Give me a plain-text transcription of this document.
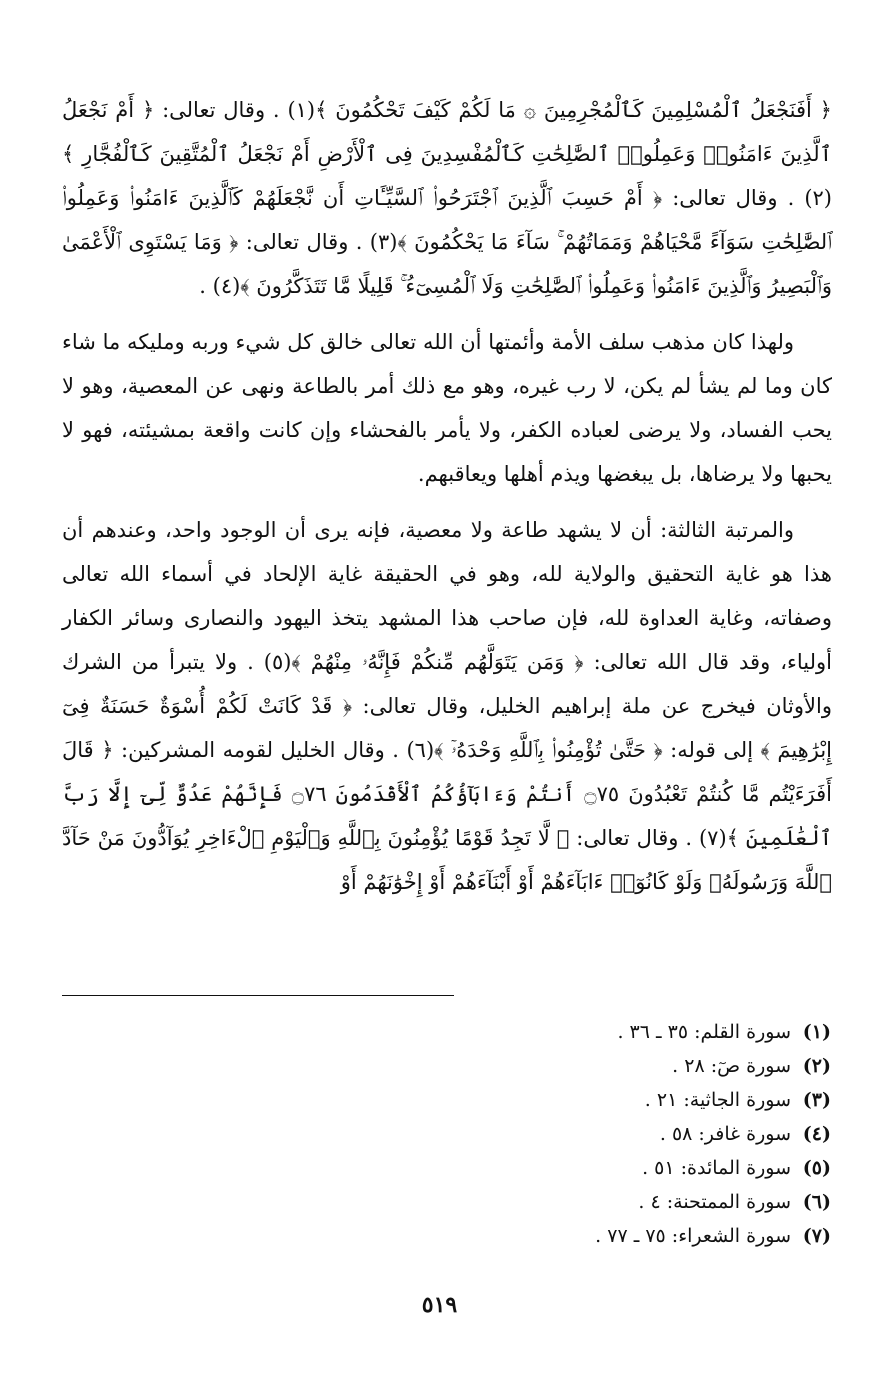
﴿ أَفَنَجْعَلُ ٱلْمُسْلِمِينَ كَٱلْمُجْرِمِينَ ۞ مَا لَكُمْ كَيْفَ تَحْكُمُونَ ﴾(١) . وقال تعالى: ﴿ أَمْ نَجْعَلُ ٱلَّذِينَ ءَامَنُوا۟ وَعَمِلُوا۟ ٱلصَّٰلِحَٰتِ كَٱلْمُفْسِدِينَ فِى ٱلْأَرْضِ أَمْ نَجْعَلُ ٱلْمُتَّقِينَ كَٱلْفُجَّارِ ﴾(٢) . وقال تعالى: ﴿ أَمْ حَسِبَ ٱلَّذِينَ ٱجْتَرَحُوا۟ ٱلسَّيِّـَٔاتِ أَن نَّجْعَلَهُمْ كَٱلَّذِينَ ءَامَنُوا۟ وَعَمِلُوا۟ ٱلصَّٰلِحَٰتِ سَوَآءً مَّحْيَاهُمْ وَمَمَاتُهُمْ ۚ سَآءَ مَا يَحْكُمُونَ ﴾(٣) . وقال تعالى: ﴿ وَمَا يَسْتَوِى ٱلْأَعْمَىٰ وَٱلْبَصِيرُ وَٱلَّذِينَ ءَامَنُوا۟ وَعَمِلُوا۟ ٱلصَّٰلِحَٰتِ وَلَا ٱلْمُسِىٓءُ ۚ قَلِيلًا مَّا تَتَذَكَّرُونَ ﴾(٤) .

ولهذا كان مذهب سلف الأمة وأئمتها أن الله تعالى خالق كل شيء وربه ومليكه ما شاء كان وما لم يشأ لم يكن، لا رب غيره، وهو مع ذلك أمر بالطاعة ونهى عن المعصية، وهو لا يحب الفساد، ولا يرضى لعباده الكفر، ولا يأمر بالفحشاء وإن كانت واقعة بمشيئته، فهو لا يحبها ولا يرضاها، بل يبغضها ويذم أهلها ويعاقبهم.

والمرتبة الثالثة: أن لا يشهد طاعة ولا معصية، فإنه يرى أن الوجود واحد، وعندهم أن هذا هو غاية التحقيق والولاية لله، وهو في الحقيقة غاية الإلحاد في أسماء الله تعالى وصفاته، وغاية العداوة لله، فإن صاحب هذا المشهد يتخذ اليهود والنصارى وسائر الكفار أولياء، وقد قال الله تعالى: ﴿ وَمَن يَتَوَلَّهُم مِّنكُمْ فَإِنَّهُۥ مِنْهُمْ ﴾(٥) . ولا يتبرأ من الشرك والأوثان فيخرج عن ملة إبراهيم الخليل، وقال تعالى: ﴿ قَدْ كَانَتْ لَكُمْ أُسْوَةٌ حَسَنَةٌ فِىٓ إِبْرَٰهِيمَ ﴾ إلى قوله: ﴿ حَتَّىٰ تُؤْمِنُوا۟ بِٱللَّهِ وَحْدَهُۥٓ ﴾(٦) . وقال الخليل لقومه المشركين: ﴿ قَالَ أَفَرَءَيْتُم مَّا كُنتُمْ تَعْبُدُونَ ۝٧٥ أَنتُمْ وَءَابَآؤُكُمُ ٱلْأَقْدَمُونَ ۝٧٦ فَإِنَّهُمْ عَدُوٌّ لِّىٓ إِلَّا رَبَّ ٱلْعَٰلَمِينَ ﴾(٧) . وقال تعالى: ﴿ لَّا تَجِدُ قَوْمًا يُؤْمِنُونَ بِٱللَّهِ وَٱلْيَوْمِ ٱلْءَاخِرِ يُوَآدُّونَ مَنْ حَآدَّ ٱللَّهَ وَرَسُولَهُۥ وَلَوْ كَانُوٓا۟ ءَابَآءَهُمْ أَوْ أَبْنَآءَهُمْ أَوْ إِخْوَٰنَهُمْ أَوْ

(١)سورة القلم: ٣٥ ـ ٣٦ .
(٢)سورة صٓ: ٢٨ .
(٣)سورة الجاثية: ٢١ .
(٤)سورة غافر: ٥٨ .
(٥)سورة المائدة: ٥١ .
(٦)سورة الممتحنة: ٤ .
(٧)سورة الشعراء: ٧٥ ـ ٧٧ .
٥١٩
